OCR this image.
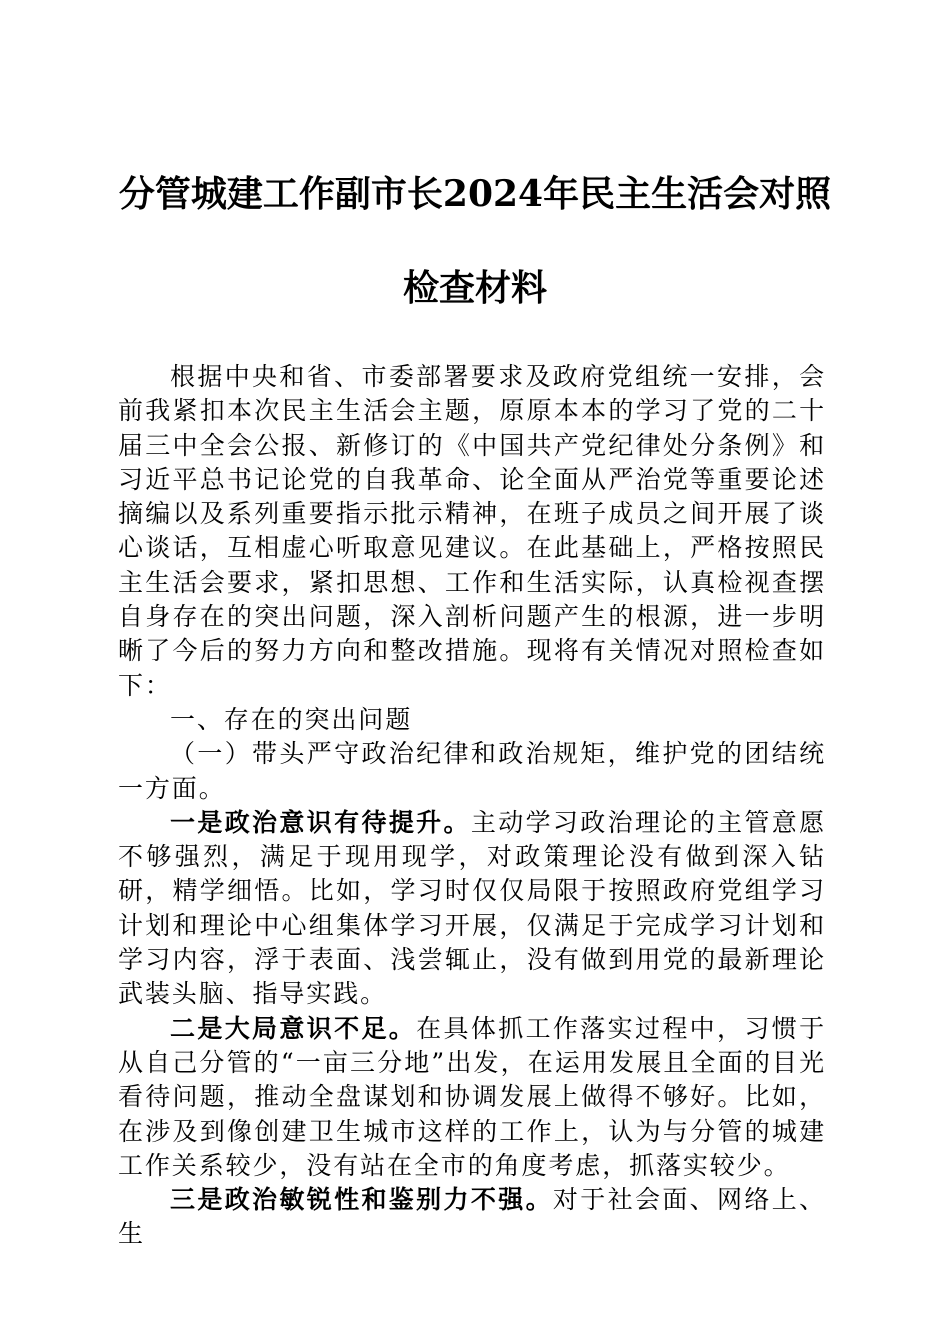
分管城建工作副市长2024年民主生活会对照
检查材料

根据中央和省、市委部署要求及政府党组统一安排，会前我紧扣本次民主生活会主题，原原本本的学习了党的二十届三中全会公报、新修订的《中国共产党纪律处分条例》和习近平总书记论党的自我革命、论全面从严治党等重要论述摘编以及系列重要指示批示精神，在班子成员之间开展了谈心谈话，互相虚心听取意见建议。在此基础上，严格按照民主生活会要求，紧扣思想、工作和生活实际，认真检视查摆自身存在的突出问题，深入剖析问题产生的根源，进一步明晰了今后的努力方向和整改措施。现将有关情况对照检查如下：

一、存在的突出问题

（一）带头严守政治纪律和政治规矩，维护党的团结统一方面。

一是政治意识有待提升。主动学习政治理论的主管意愿不够强烈，满足于现用现学，对政策理论没有做到深入钻研，精学细悟。比如，学习时仅仅局限于按照政府党组学习计划和理论中心组集体学习开展，仅满足于完成学习计划和学习内容，浮于表面、浅尝辄止，没有做到用党的最新理论武装头脑、指导实践。

二是大局意识不足。在具体抓工作落实过程中，习惯于从自己分管的“一亩三分地”出发，在运用发展且全面的目光看待问题，推动全盘谋划和协调发展上做得不够好。比如，在涉及到像创建卫生城市这样的工作上，认为与分管的城建工作关系较少，没有站在全市的角度考虑，抓落实较少。

三是政治敏锐性和鉴别力不强。对于社会面、网络上、生
